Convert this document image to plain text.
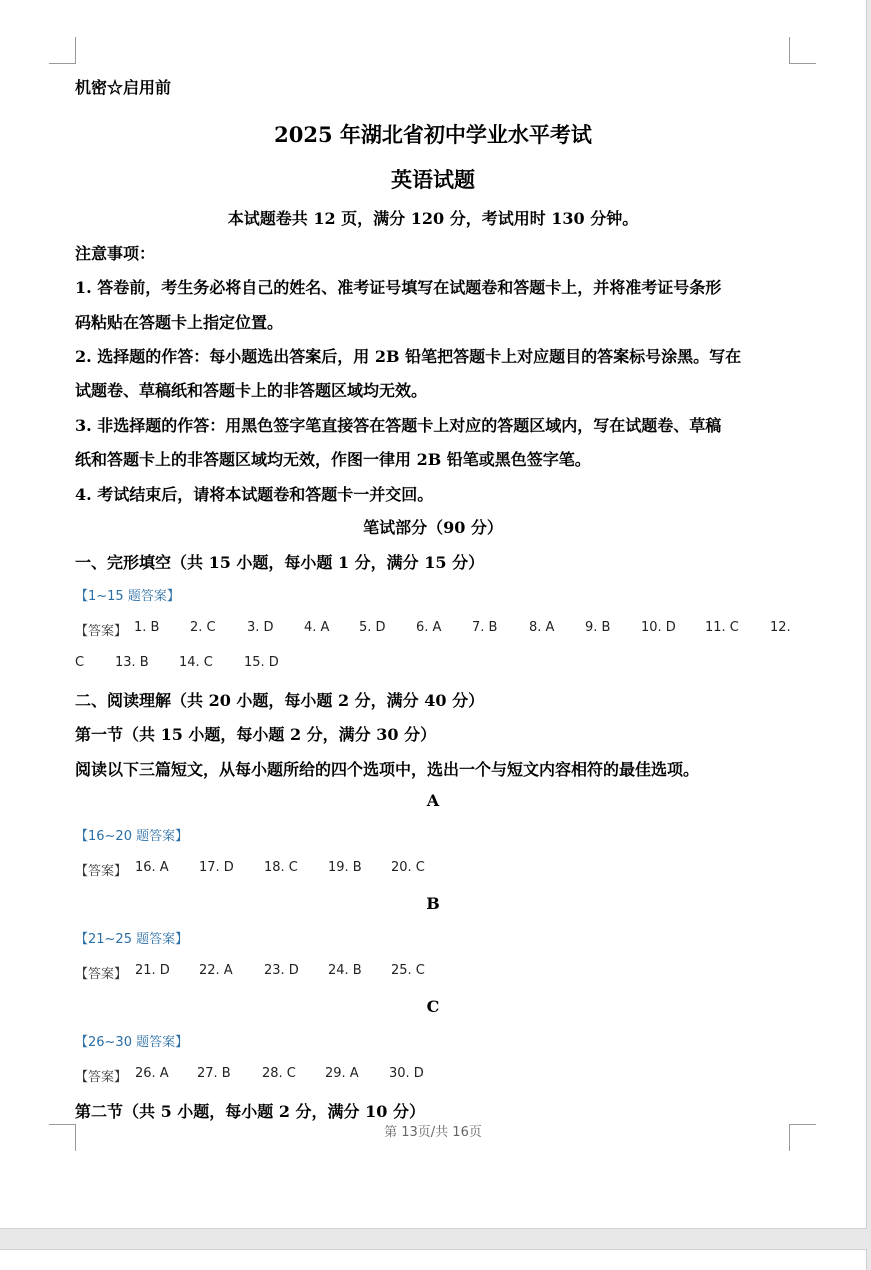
机密☆启用前
2025 年湖北省初中学业水平考试
英语试题
本试题卷共 12 页，满分 120 分，考试用时 130 分钟。
注意事项：
1. 答卷前，考生务必将自己的姓名、准考证号填写在试题卷和答题卡上，并将准考证号条形
码粘贴在答题卡上指定位置。
2. 选择题的作答：每小题选出答案后，用 2B 铅笔把答题卡上对应题目的答案标号涂黑。写在
试题卷、草稿纸和答题卡上的非答题区域均无效。
3. 非选择题的作答：用黑色签字笔直接答在答题卡上对应的答题区域内，写在试题卷、草稿
纸和答题卡上的非答题区域均无效，作图一律用 2B 铅笔或黑色签字笔。
4. 考试结束后，请将本试题卷和答题卡一并交回。
笔试部分（90 分）
一、完形填空（共 15 小题，每小题 1 分，满分 15 分）
【1~15 题答案】
【答案】 1. B 2. C 3. D 4. A 5. D 6. A 7. B 8. A 9. B 10. D 11. C 12.
C 13. B 14. C 15. D
二、阅读理解（共 20 小题，每小题 2 分，满分 40 分）
第一节（共 15 小题，每小题 2 分，满分 30 分）
阅读以下三篇短文，从每小题所给的四个选项中，选出一个与短文内容相符的最佳选项。
A
【16~20 题答案】
【答案】 16. A 17. D 18. C 19. B 20. C
B
【21~25 题答案】
【答案】 21. D 22. A 23. D 24. B 25. C
C
【26~30 题答案】
【答案】 26. A 27. B 28. C 29. A 30. D
第二节（共 5 小题，每小题 2 分，满分 10 分）
第 13页/共 16页
